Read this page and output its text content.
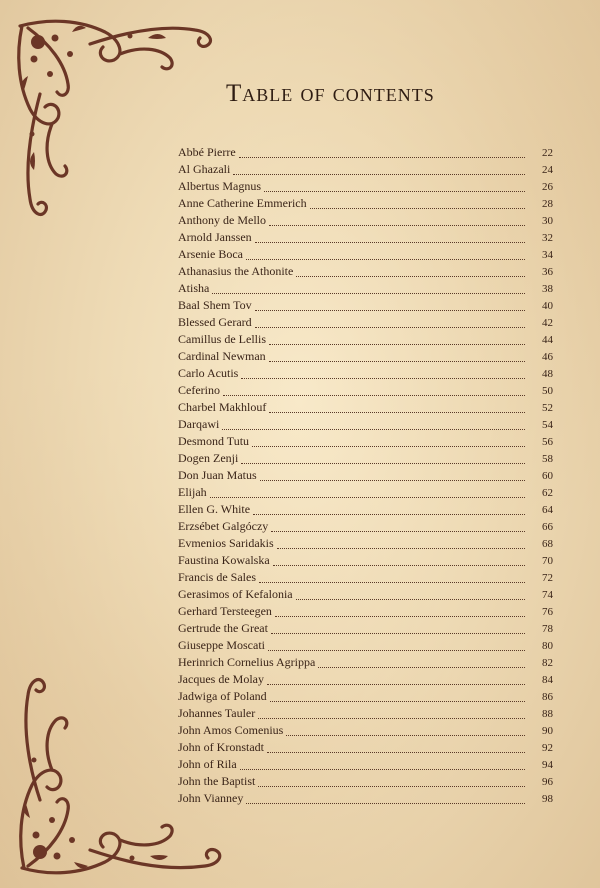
Table of contents
Abbé Pierre	22
Al Ghazali	24
Albertus Magnus	26
Anne Catherine Emmerich	28
Anthony de Mello	30
Arnold Janssen	32
Arsenie Boca	34
Athanasius the Athonite	36
Atisha	38
Baal Shem Tov	40
Blessed Gerard	42
Camillus de Lellis	44
Cardinal Newman	46
Carlo Acutis	48
Ceferino	50
Charbel Makhlouf	52
Darqawi	54
Desmond Tutu	56
Dogen Zenji	58
Don Juan Matus	60
Elijah	62
Ellen G. White	64
Erzsébet Galgóczy	66
Evmenios Saridakis	68
Faustina Kowalska	70
Francis de Sales	72
Gerasimos of Kefalonia	74
Gerhard Tersteegen	76
Gertrude the Great	78
Giuseppe Moscati	80
Herinrich Cornelius Agrippa	82
Jacques de Molay	84
Jadwiga of Poland	86
Johannes Tauler	88
John Amos Comenius	90
John of Kronstadt	92
John of Rila	94
John the Baptist	96
John Vianney	98
